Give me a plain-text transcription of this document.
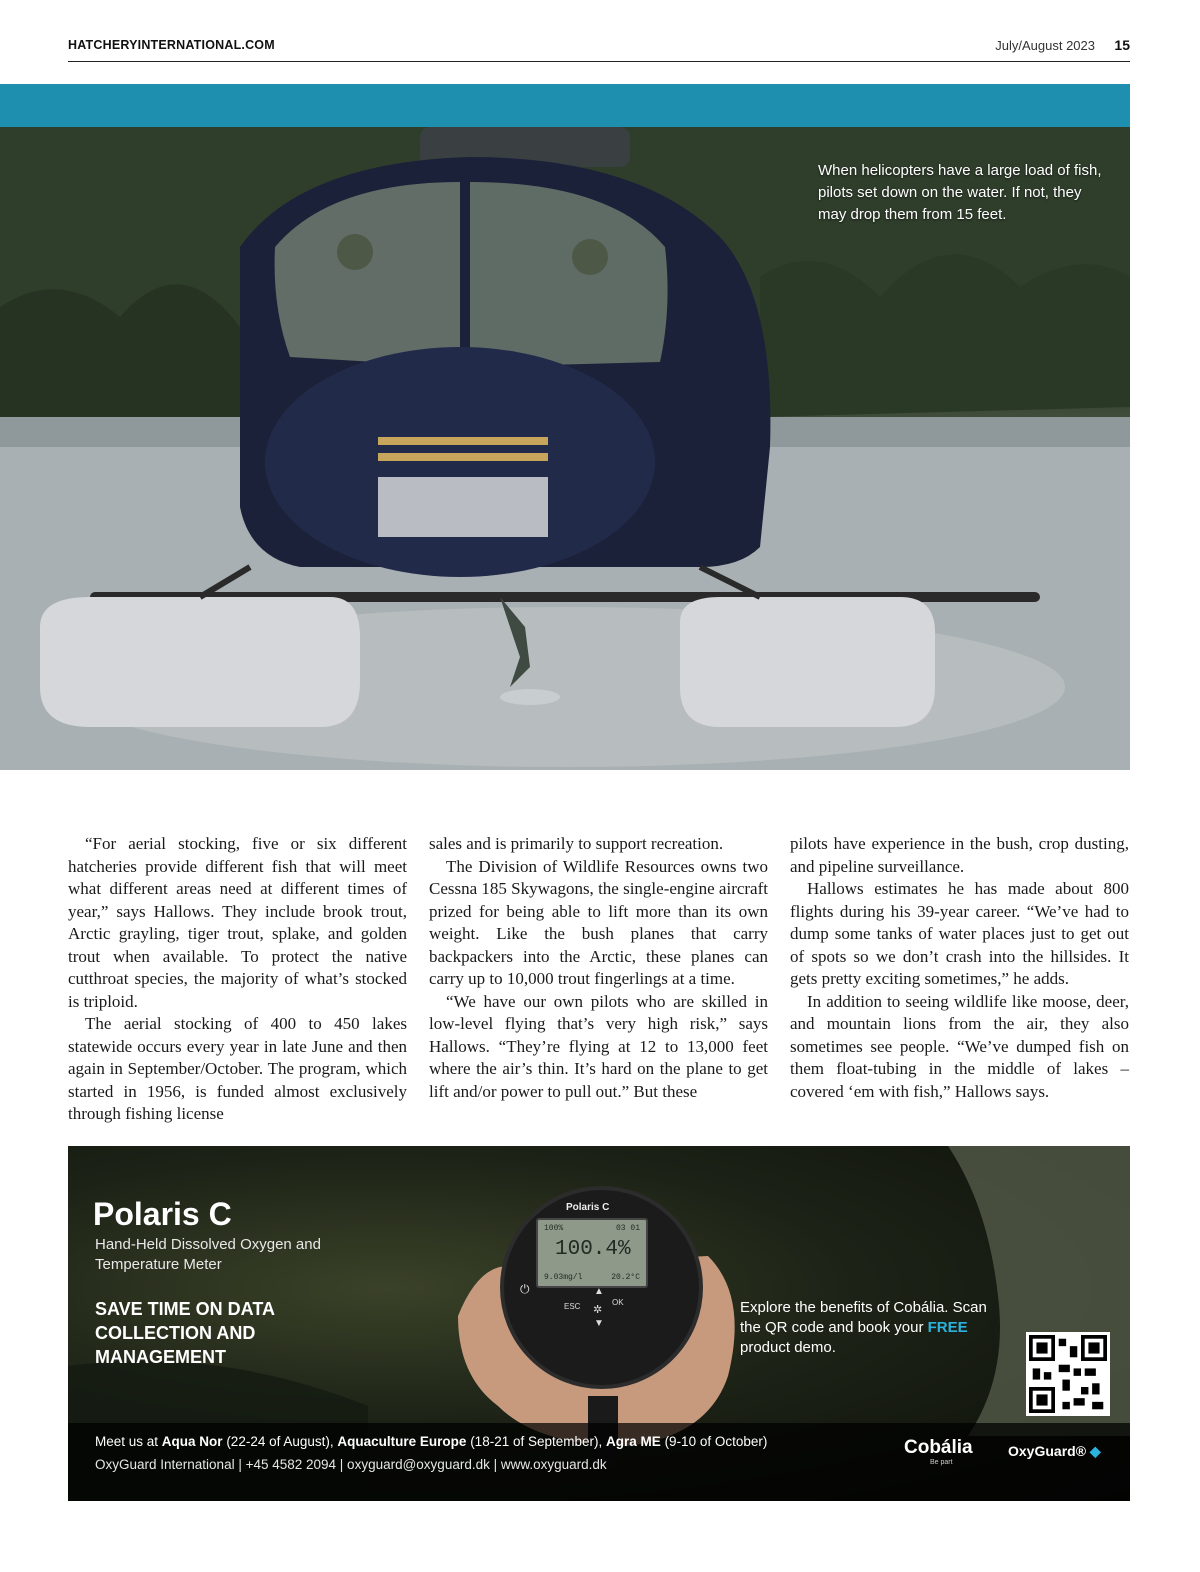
HATCHERYINTERNATIONAL.COM	July/August 2023 15
When helicopters have a large load of fish, pilots set down on the water. If not, they may drop them from 15 feet.

“For aerial stocking, five or six different hatcheries provide different fish that will meet what different areas need at different times of year,” says Hallows. They include brook trout, Arctic grayling, tiger trout, splake, and golden trout when available. To protect the native cutthroat species, the majority of what’s stocked is triploid.

The aerial stocking of 400 to 450 lakes statewide occurs every year in late June and then again in September/October. The program, which started in 1956, is funded almost exclusively through fishing license

sales and is primarily to support recreation.

The Division of Wildlife Resources owns two Cessna 185 Skywagons, the single-engine aircraft prized for being able to lift more than its own weight. Like the bush planes that carry backpackers into the Arctic, these planes can carry up to 10,000 trout fingerlings at a time.

“We have our own pilots who are skilled in low-level flying that’s very high risk,” says Hallows. “They’re flying at 12 to 13,000 feet where the air’s thin. It’s hard on the plane to get lift and/or power to pull out.” But these

pilots have experience in the bush, crop dusting, and pipeline surveillance.

Hallows estimates he has made about 800 flights during his 39-year career. “We’ve had to dump some tanks of water places just to get out of spots so we don’t crash into the hillsides. It gets pretty exciting sometimes,” he adds.

In addition to seeing wildlife like moose, deer, and mountain lions from the air, they also sometimes see people. “We’ve dumped fish on them float-tubing in the middle of lakes – covered ‘em with fish,” Hallows says.

Polaris C
Hand-Held Dissolved Oxygen and Temperature Meter
SAVE TIME ON DATA COLLECTION AND MANAGEMENT
Polaris C
100%	03 01
100.4%
9.03mg/l	20.2°C
ESC	OK
⏻	▲
▼
✲	Explore the benefits of Cobália. Scan the QR code and book your FREE product demo.
Meet us at Aqua Nor (22-24 of August), Aquaculture Europe (18-21 of September), Agra ME (9-10 of October)
OxyGuard International | +45 4582 2094 | oxyguard@oxyguard.dk | www.oxyguard.dk
Cobália
Be part
OxyGuard® ◆
